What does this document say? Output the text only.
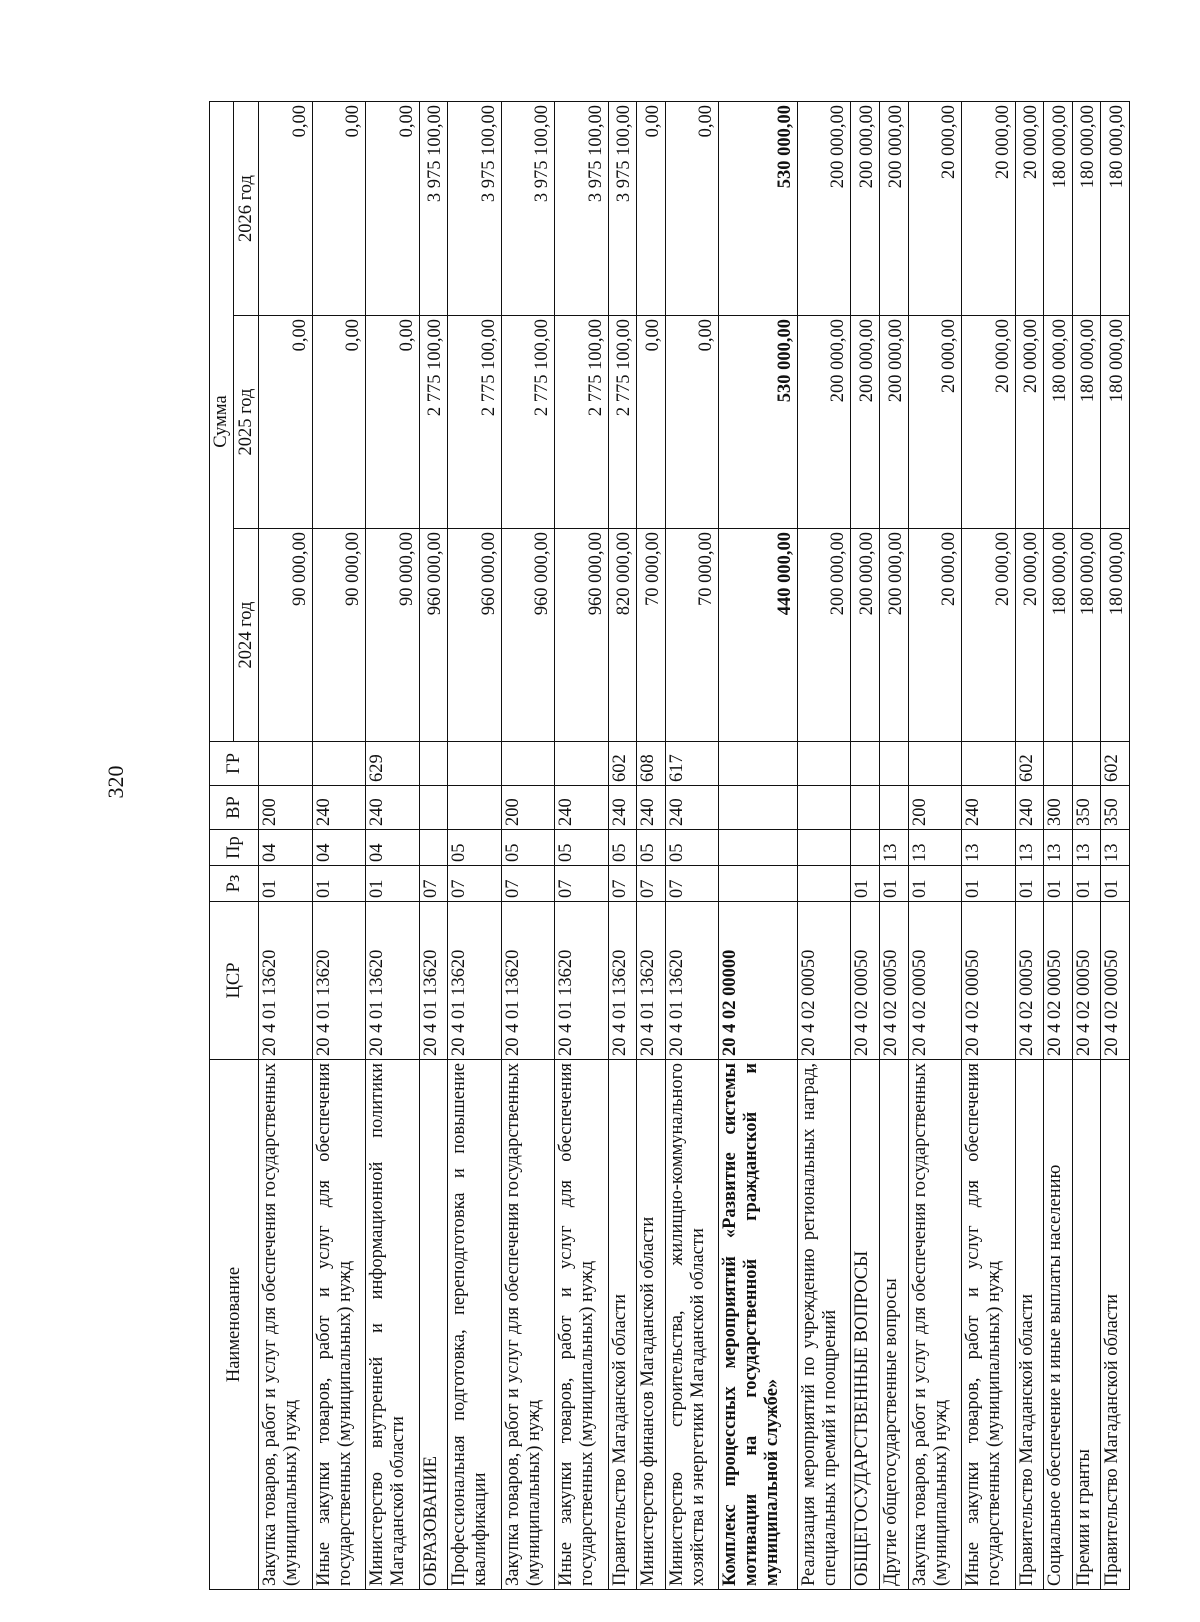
320
Наименование	ЦСР	Рз	Пр	ВР	ГР	Сумма		
						2024 год	2025 год	2026 год
Закупка товаров, работ и услуг для обеспечения государственных (муниципальных) нужд	20 4 01 13620	01	04	200		90 000,00	0,00	0,00
Иные закупки товаров, работ и услуг для обеспечения государственных (муниципальных) нужд	20 4 01 13620	01	04	240		90 000,00	0,00	0,00
Министерство внутренней и информационной политики Магаданской области	20 4 01 13620	01	04	240	629	90 000,00	0,00	0,00
ОБРАЗОВАНИЕ	20 4 01 13620	07				960 000,00	2 775 100,00	3 975 100,00
Профессиональная подготовка, переподготовка и повышение квалификации	20 4 01 13620	07	05			960 000,00	2 775 100,00	3 975 100,00
Закупка товаров, работ и услуг для обеспечения государственных (муниципальных) нужд	20 4 01 13620	07	05	200		960 000,00	2 775 100,00	3 975 100,00
Иные закупки товаров, работ и услуг для обеспечения государственных (муниципальных) нужд	20 4 01 13620	07	05	240		960 000,00	2 775 100,00	3 975 100,00
Правительство Магаданской области	20 4 01 13620	07	05	240	602	820 000,00	2 775 100,00	3 975 100,00
Министерство финансов Магаданской области	20 4 01 13620	07	05	240	608	70 000,00	0,00	0,00
Министерство строительства, жилищно-коммунального хозяйства и энергетики Магаданской области	20 4 01 13620	07	05	240	617	70 000,00	0,00	0,00
Комплекс процессных мероприятий «Развитие системы мотивации на государственной гражданской и муниципальной службе»	20 4 02 00000					440 000,00	530 000,00	530 000,00
Реализация мероприятий по учреждению региональных наград, специальных премий и поощрений	20 4 02 00050					200 000,00	200 000,00	200 000,00
ОБЩЕГОСУДАРСТВЕННЫЕ ВОПРОСЫ	20 4 02 00050	01				200 000,00	200 000,00	200 000,00
Другие общегосударственные вопросы	20 4 02 00050	01	13			200 000,00	200 000,00	200 000,00
Закупка товаров, работ и услуг для обеспечения государственных (муниципальных) нужд	20 4 02 00050	01	13	200		20 000,00	20 000,00	20 000,00
Иные закупки товаров, работ и услуг для обеспечения государственных (муниципальных) нужд	20 4 02 00050	01	13	240		20 000,00	20 000,00	20 000,00
Правительство Магаданской области	20 4 02 00050	01	13	240	602	20 000,00	20 000,00	20 000,00
Социальное обеспечение и иные выплаты населению	20 4 02 00050	01	13	300		180 000,00	180 000,00	180 000,00
Премии и гранты	20 4 02 00050	01	13	350		180 000,00	180 000,00	180 000,00
Правительство Магаданской области	20 4 02 00050	01	13	350	602	180 000,00	180 000,00	180 000,00
